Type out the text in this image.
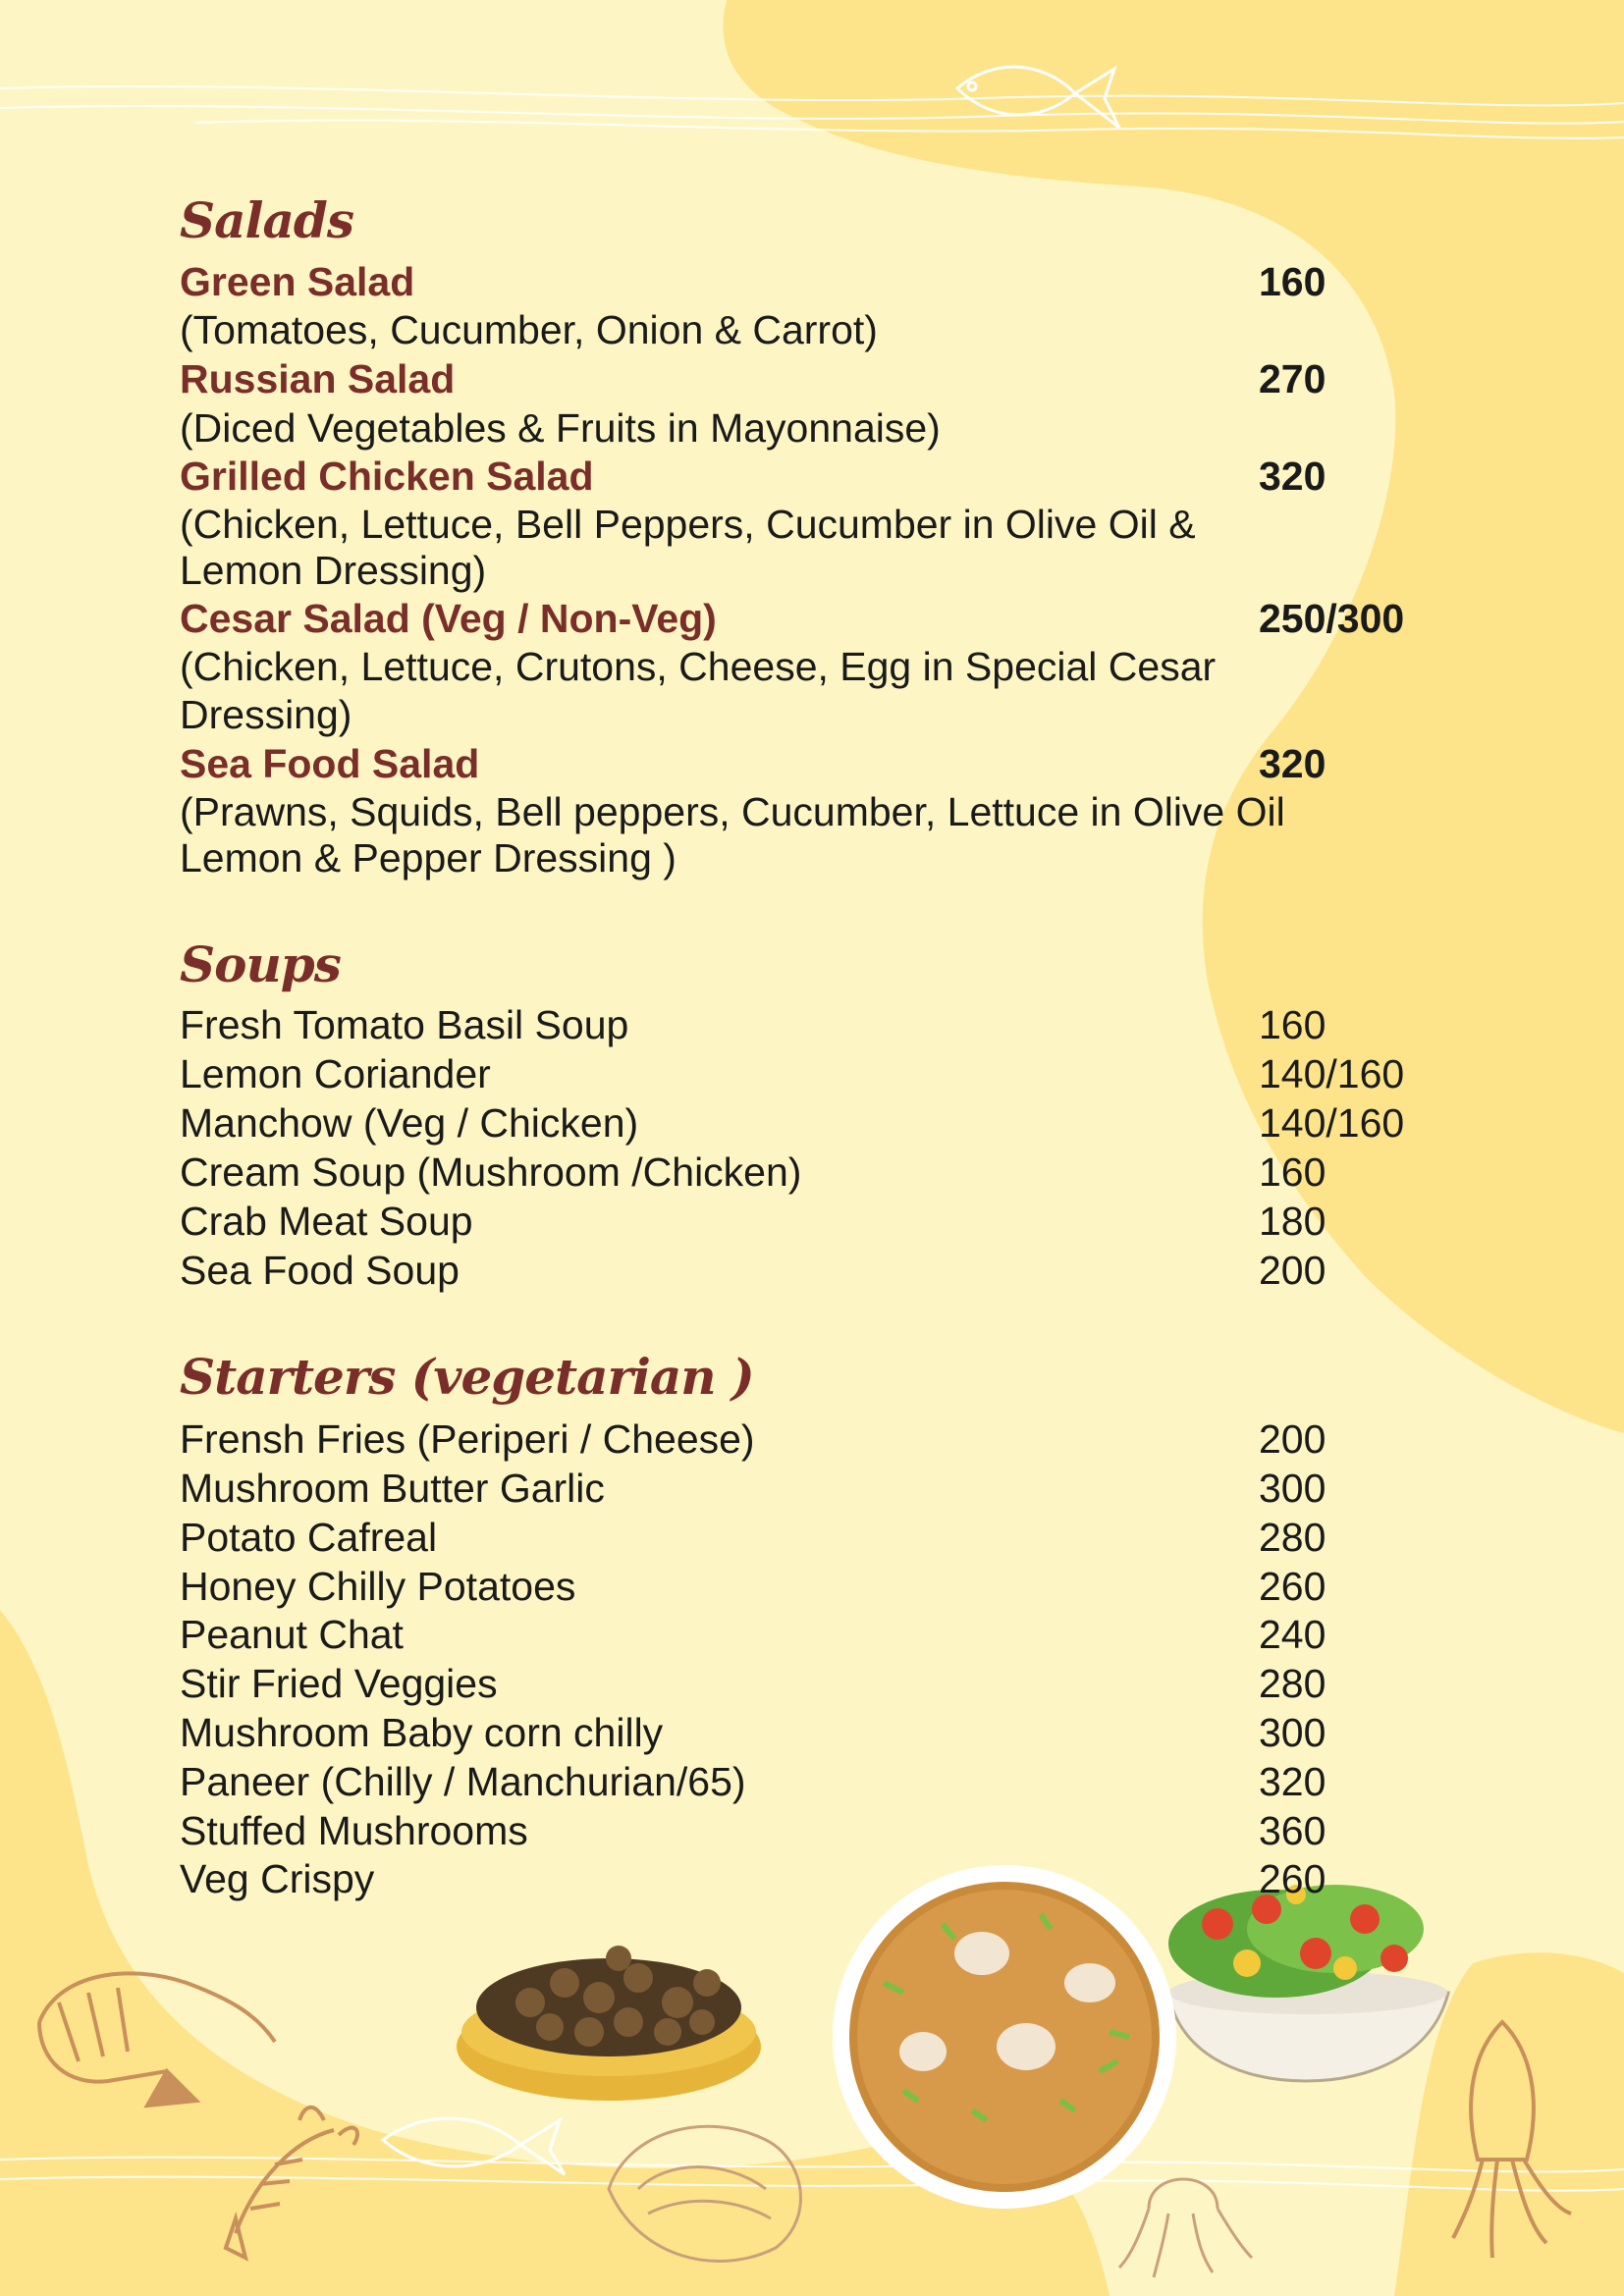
Salads
Green Salad	160
(Tomatoes, Cucumber, Onion & Carrot)
Russian Salad	270
(Diced Vegetables & Fruits in Mayonnaise)
Grilled Chicken Salad	320
(Chicken, Lettuce, Bell Peppers, Cucumber in Olive Oil &
Lemon Dressing)
Cesar Salad (Veg / Non-Veg)	250/300
(Chicken, Lettuce, Crutons, Cheese, Egg in Special Cesar
Dressing)
Sea Food Salad	320
(Prawns, Squids, Bell peppers, Cucumber, Lettuce in Olive Oil
Lemon & Pepper Dressing )
Soups
Fresh Tomato Basil Soup	160
Lemon Coriander	140/160
Manchow (Veg / Chicken)	140/160
Cream Soup (Mushroom /Chicken)	160
Crab Meat Soup	180
Sea Food Soup	200
Starters (vegetarian )
Frensh Fries (Periperi / Cheese)	200
Mushroom Butter Garlic	300
Potato Cafreal	280
Honey Chilly Potatoes	260
Peanut Chat	240
Stir Fried Veggies	280
Mushroom Baby corn chilly	300
Paneer (Chilly / Manchurian/65)	320
Stuffed Mushrooms	360
Veg Crispy	260
